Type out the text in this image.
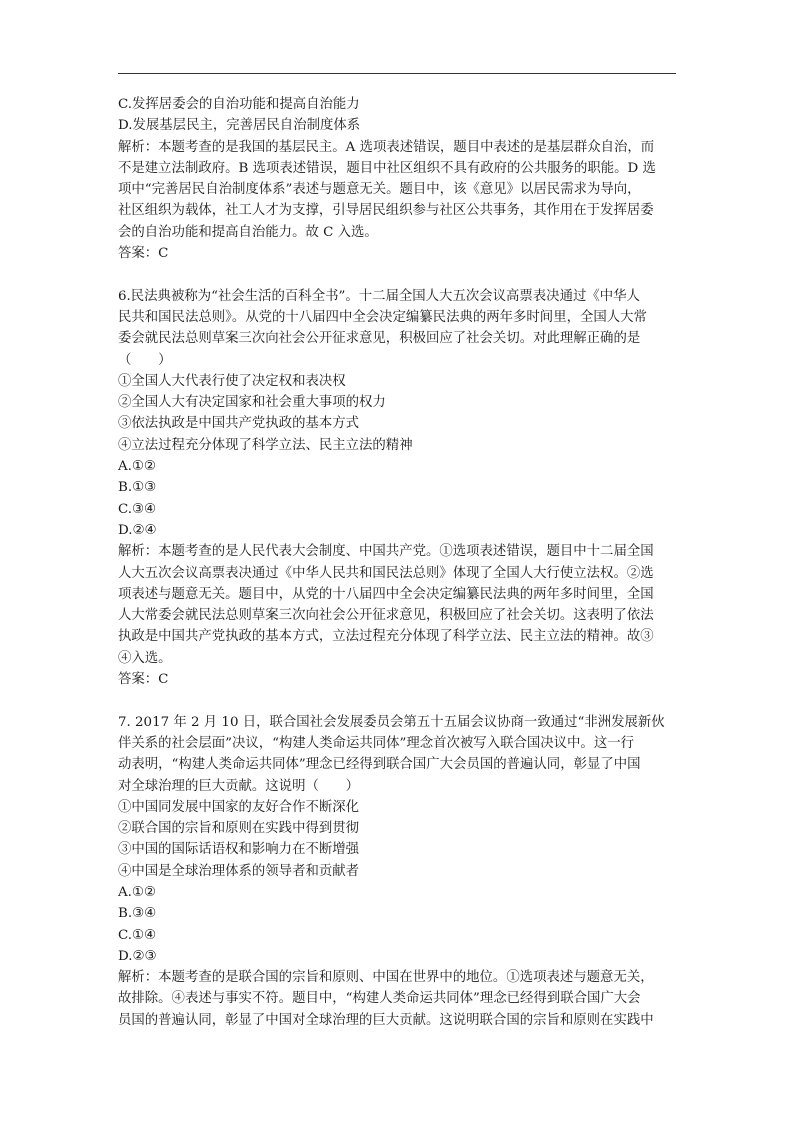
C.发挥居委会的自治功能和提高自治能力
D.发展基层民主，完善居民自治制度体系
解析：本题考查的是我国的基层民主。A 选项表述错误，题目中表述的是基层群众自治，而
不是建立法制政府。B 选项表述错误，题目中社区组织不具有政府的公共服务的职能。D 选
项中“完善居民自治制度体系”表述与题意无关。题目中，该《意见》以居民需求为导向，
社区组织为载体，社工人才为支撑，引导居民组织参与社区公共事务，其作用在于发挥居委
会的自治功能和提高自治能力。故 C 入选。
答案：C
6.民法典被称为“社会生活的百科全书”。十二届全国人大五次会议高票表决通过《中华人
民共和国民法总则》。从党的十八届四中全会决定编纂民法典的两年多时间里，全国人大常
委会就民法总则草案三次向社会公开征求意见，积极回应了社会关切。对此理解正确的是
（　　）
①全国人大代表行使了决定权和表决权
②全国人大有决定国家和社会重大事项的权力
③依法执政是中国共产党执政的基本方式
④立法过程充分体现了科学立法、民主立法的精神
A.①②
B.①③
C.③④
D.②④
解析：本题考查的是人民代表大会制度、中国共产党。①选项表述错误，题目中十二届全国
人大五次会议高票表决通过《中华人民共和国民法总则》体现了全国人大行使立法权。②选
项表述与题意无关。题目中，从党的十八届四中全会决定编纂民法典的两年多时间里，全国
人大常委会就民法总则草案三次向社会公开征求意见，积极回应了社会关切。这表明了依法
执政是中国共产党执政的基本方式，立法过程充分体现了科学立法、民主立法的精神。故③
④入选。
答案：C
7. 2017 年 2 月 10 日，联合国社会发展委员会第五十五届会议协商一致通过“非洲发展新伙
伴关系的社会层面”决议，“构建人类命运共同体”理念首次被写入联合国决议中。这一行
动表明，“构建人类命运共同体”理念已经得到联合国广大会员国的普遍认同，彰显了中国
对全球治理的巨大贡献。这说明（　　）
①中国同发展中国家的友好合作不断深化
②联合国的宗旨和原则在实践中得到贯彻
③中国的国际话语权和影响力在不断增强
④中国是全球治理体系的领导者和贡献者
A.①②
B.③④
C.①④
D.②③
解析：本题考查的是联合国的宗旨和原则、中国在世界中的地位。①选项表述与题意无关，
故排除。④表述与事实不符。题目中，“构建人类命运共同体”理念已经得到联合国广大会
员国的普遍认同，彰显了中国对全球治理的巨大贡献。这说明联合国的宗旨和原则在实践中
